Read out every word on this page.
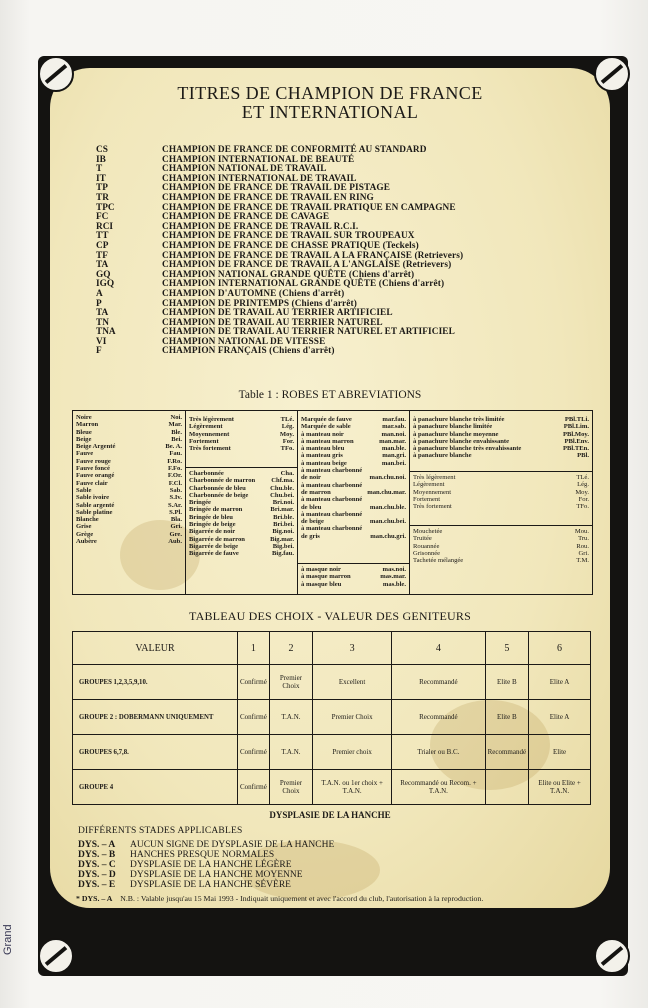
Grand
TITRES DE CHAMPION DE FRANCE
ET INTERNATIONAL
CS	CHAMPION DE FRANCE DE CONFORMITÉ AU STANDARD
IB	CHAMPION INTERNATIONAL DE BEAUTÉ
T	CHAMPION NATIONAL DE TRAVAIL
IT	CHAMPION INTERNATIONAL DE TRAVAIL
TP	CHAMPION DE FRANCE DE TRAVAIL DE PISTAGE
TR	CHAMPION DE FRANCE DE TRAVAIL EN RING
TPC	CHAMPION DE FRANCE DE TRAVAIL PRATIQUE EN CAMPAGNE
FC	CHAMPION DE FRANCE DE CAVAGE
RCI	CHAMPION DE FRANCE DE TRAVAIL R.C.I.
TT	CHAMPION DE FRANCE DE TRAVAIL SUR TROUPEAUX
CP	CHAMPION DE FRANCE DE CHASSE PRATIQUE (Teckels)
TF	CHAMPION DE FRANCE DE TRAVAIL A LA FRANÇAISE (Retrievers)
TA	CHAMPION DE FRANCE DE TRAVAIL A L'ANGLAISE (Retrievers)
GQ	CHAMPION NATIONAL GRANDE QUÊTE (Chiens d'arrêt)
IGQ	CHAMPION INTERNATIONAL GRANDE QUÊTE (Chiens d'arrêt)
A	CHAMPION D'AUTOMNE (Chiens d'arrêt)
P	CHAMPION DE PRINTEMPS (Chiens d'arrêt)
TA	CHAMPION DE TRAVAIL AU TERRIER ARTIFICIEL
TN	CHAMPION DE TRAVAIL AU TERRIER NATUREL
TNA	CHAMPION DE TRAVAIL AU TERRIER NATUREL ET ARTIFICIEL
VI	CHAMPION NATIONAL DE VITESSE
F	CHAMPION FRANÇAIS (Chiens d'arrêt)
Table 1 : ROBES ET ABREVIATIONS
Noire	Noi.
Marron	Mar.
Bleue	Ble.
Beige	Bei.
Beige Argenté	Be. A.
Fauve	Fau.
Fauve rouge	F.Ro.
Fauve foncé	F.Fo.
Fauve orangé	F.Or.
Fauve clair	F.Cl.
Sable	Sab.
Sable ivoire	S.Iv.
Sable argenté	S.Ar.
Sable platine	S.Pl.
Blanche	Bla.
Grise	Gri.
Grège	Gre.
Aubère	Aub.
Très légèrement	TLé.
Légèrement	Lég.
Moyennement	Moy.
Fortement	For.
Très fortement	TFo.
Charbonnée	Cha.
Charbonnée de marron Chf.ma.
Charbonnée de bleu	Chu.ble.
Charbonnée de beige	Chu.bei.
Bringée	Bri.noi.
Bringée de marron	Bri.mar.
Bringée de bleu	Bri.ble.
Bringée de beige	Bri.bei.
Bigarrée de noir	Big.noi.
Bigarrée de marron	Big.mar.
Bigarrée de beige	Big.bei.
Bigarrée de fauve	Big.fau.
Marquée de fauve	mar.fau.
Marquée de sable	mar.sab.
à manteau noir	man.noi.
à manteau marron	man.mar.
à manteau bleu	man.ble.
à manteau gris	man.gri.
à manteau beige	man.bei.
à manteau charbonné
de noir	man.chu.noi.
à manteau charbonné
de marron	man.chu.mar.
à manteau charbonné
de bleu	man.chu.ble.
à manteau charbonné
de beige	man.chu.bei.
à manteau charbonné
de gris	man.chu.gri.
à masque noir	mas.noi.
à masque marron	mas.mar.
à masque bleu	mas.ble.
à panachure blanche très limitée	PBl.TLi.
à panachure blanche limitée	PBl.Lim.
à panachure blanche moyenne	PBl.Moy.
à panachure blanche envahissante	PBl.Env.
à panachure blanche très envahissante	PBl.TEn.
à panachure blanche	PBl.
Très légèrement	TLé.
Légèrement	Lég.
Moyennement	Moy.
Fortement	For.
Très fortement	TFo.
Mouchetée	Mou.
Truitée	Tru.
Rouannée	Rou.
Grisonnée	Gri.
Tachetée mélangée	T.M.
TABLEAU DES CHOIX - VALEUR DES GENITEURS
VALEUR	1	2	3	4	5	6
GROUPES 1,2,3,5,9,10.	Confirmé	Premier Choix	Excellent	Recommandé	Elite B	Elite A
GROUPE 2 : DOBERMANN UNIQUEMENT	Confirmé	T.A.N.	Premier Choix	Recommandé	Elite B	Elite A
GROUPES 6,7,8.	Confirmé	T.A.N.	Premier choix	Trialer ou B.C.	Recommandé	Elite
GROUPE 4	Confirmé	Premier Choix	T.A.N. ou 1er choix + T.A.N.	Recommandé ou Recom. + T.A.N.		Elite ou Elite + T.A.N.
DYSPLASIE DE LA HANCHE
DIFFÉRENTS STADES APPLICABLES
DYS. – A	AUCUN SIGNE DE DYSPLASIE DE LA HANCHE
DYS. – B	HANCHES PRESQUE NORMALES
DYS. – C	DYSPLASIE DE LA HANCHE LÉGÈRE
DYS. – D	DYSPLASIE DE LA HANCHE MOYENNE
DYS. – E	DYSPLASIE DE LA HANCHE SÉVÈRE
* DYS. – A N.B. : Valable jusqu'au 15 Mai 1993 - Indiquait uniquement et avec l'accord du club, l'autorisation à la reproduction.
